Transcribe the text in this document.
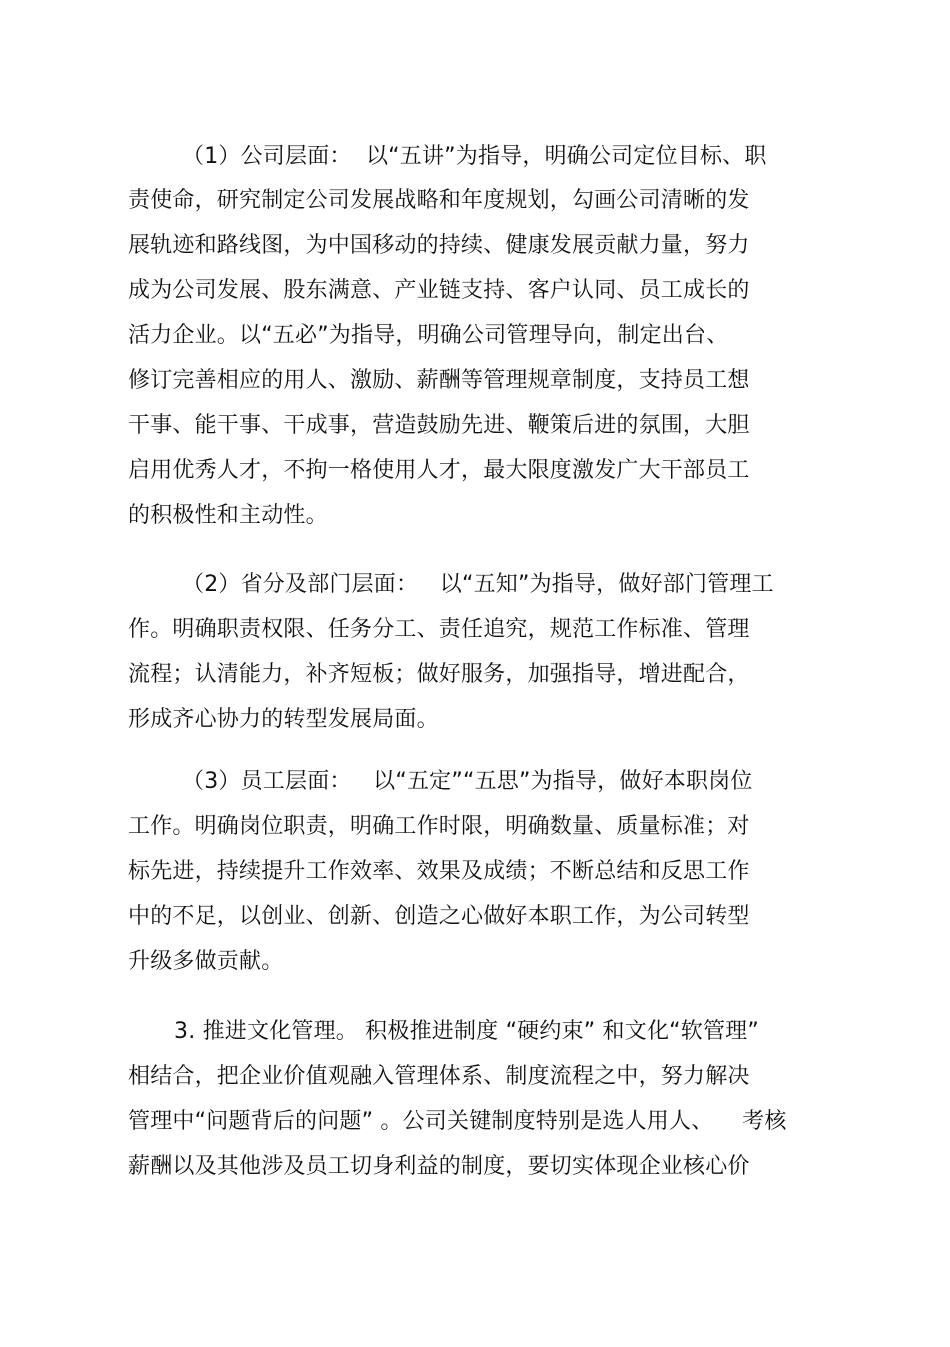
（1）公司层面：  以“五讲”为指导，明确公司定位目标、职
责使命，研究制定公司发展战略和年度规划，勾画公司清晰的发
展轨迹和路线图，为中国移动的持续、健康发展贡献力量，努力
成为公司发展、股东满意、产业链支持、客户认同、员工成长的
活力企业。以“五必”为指导，明确公司管理导向，制定出台、
修订完善相应的用人、激励、薪酬等管理规章制度，支持员工想
干事、能干事、干成事，营造鼓励先进、鞭策后进的氛围，大胆
启用优秀人才，不拘一格使用人才，最大限度激发广大干部员工
的积极性和主动性。
（2）省分及部门层面：   以“五知”为指导，做好部门管理工
作。明确职责权限、任务分工、责任追究，规范工作标准、管理
流程；认清能力，补齐短板；做好服务，加强指导，增进配合，
形成齐心协力的转型发展局面。
（3）员工层面：   以“五定”“五思”为指导，做好本职岗位
工作。明确岗位职责，明确工作时限，明确数量、质量标准；对
标先进，持续提升工作效率、效果及成绩；不断总结和反思工作
中的不足，以创业、创新、创造之心做好本职工作，为公司转型
升级多做贡献。
3. 推进文化管理。 积极推进制度 “硬约束” 和文化“软管理”
相结合，把企业价值观融入管理体系、制度流程之中，努力解决
管理中“问题背后的问题” 。公司关键制度特别是选人用人、    考核
薪酬以及其他涉及员工切身利益的制度，要切实体现企业核心价
